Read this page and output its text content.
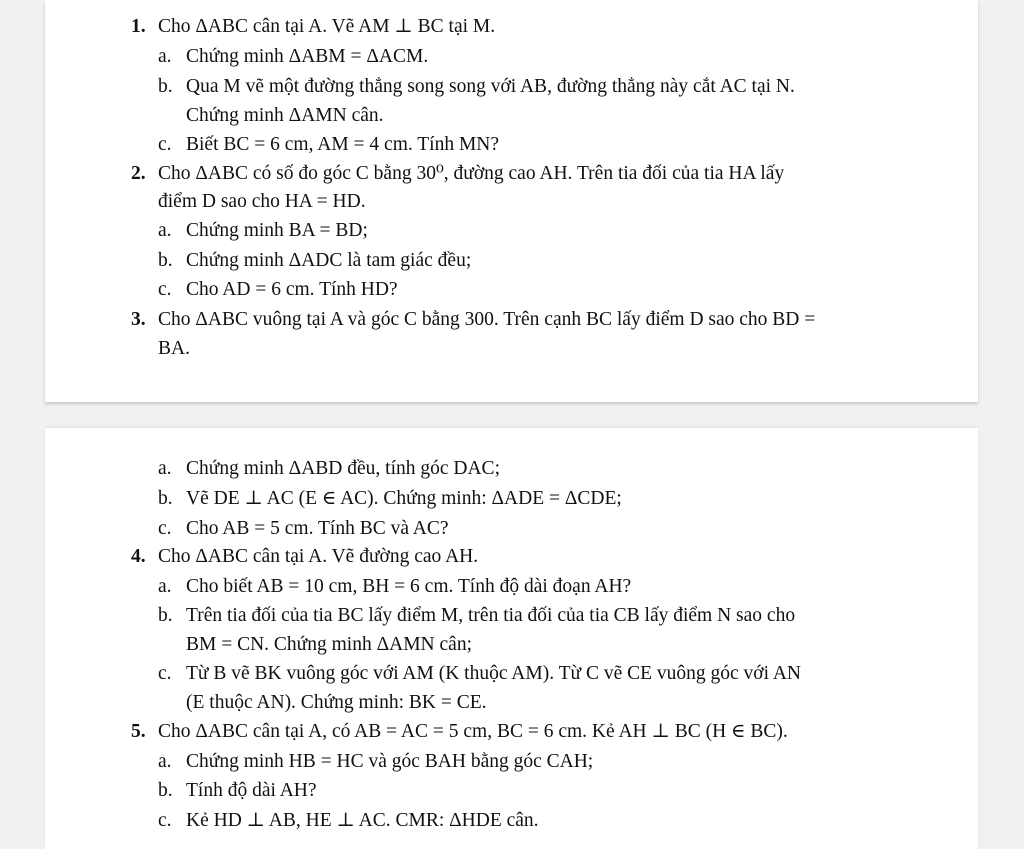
1. Cho ΔABC cân tại A. Vẽ AM ⊥ BC tại M.
a. Chứng minh ΔABM = ΔACM.
b. Qua M vẽ một đường thẳng song song với AB, đường thẳng này cắt AC tại N.
Chứng minh ΔAMN cân.
c. Biết BC = 6 cm, AM = 4 cm. Tính MN?
2. Cho ΔABC có số đo góc C bằng 30⁰, đường cao AH. Trên tia đối của tia HA lấy
điểm D sao cho HA = HD.
a. Chứng minh BA = BD;
b. Chứng minh ΔADC là tam giác đều;
c. Cho AD = 6 cm. Tính HD?
3. Cho ΔABC vuông tại A và góc C bằng 300. Trên cạnh BC lấy điểm D sao cho BD =
BA.
a. Chứng minh ΔABD đều, tính góc DAC;
b. Vẽ DE ⊥ AC (E ∈ AC). Chứng minh: ΔADE = ΔCDE;
c. Cho AB = 5 cm. Tính BC và AC?
4. Cho ΔABC cân tại A. Vẽ đường cao AH.
a. Cho biết AB = 10 cm, BH = 6 cm. Tính độ dài đoạn AH?
b. Trên tia đối của tia BC lấy điểm M, trên tia đối của tia CB lấy điểm N sao cho
BM = CN. Chứng minh ΔAMN cân;
c. Từ B vẽ BK vuông góc với AM (K thuộc AM). Từ C vẽ CE vuông góc với AN
(E thuộc AN). Chứng minh: BK = CE.
5. Cho ΔABC cân tại A, có AB = AC = 5 cm, BC = 6 cm. Kẻ AH ⊥ BC (H ∈ BC).
a. Chứng minh HB = HC và góc BAH bằng góc CAH;
b. Tính độ dài AH?
c. Kẻ HD ⊥ AB, HE ⊥ AC. CMR: ΔHDE cân.
